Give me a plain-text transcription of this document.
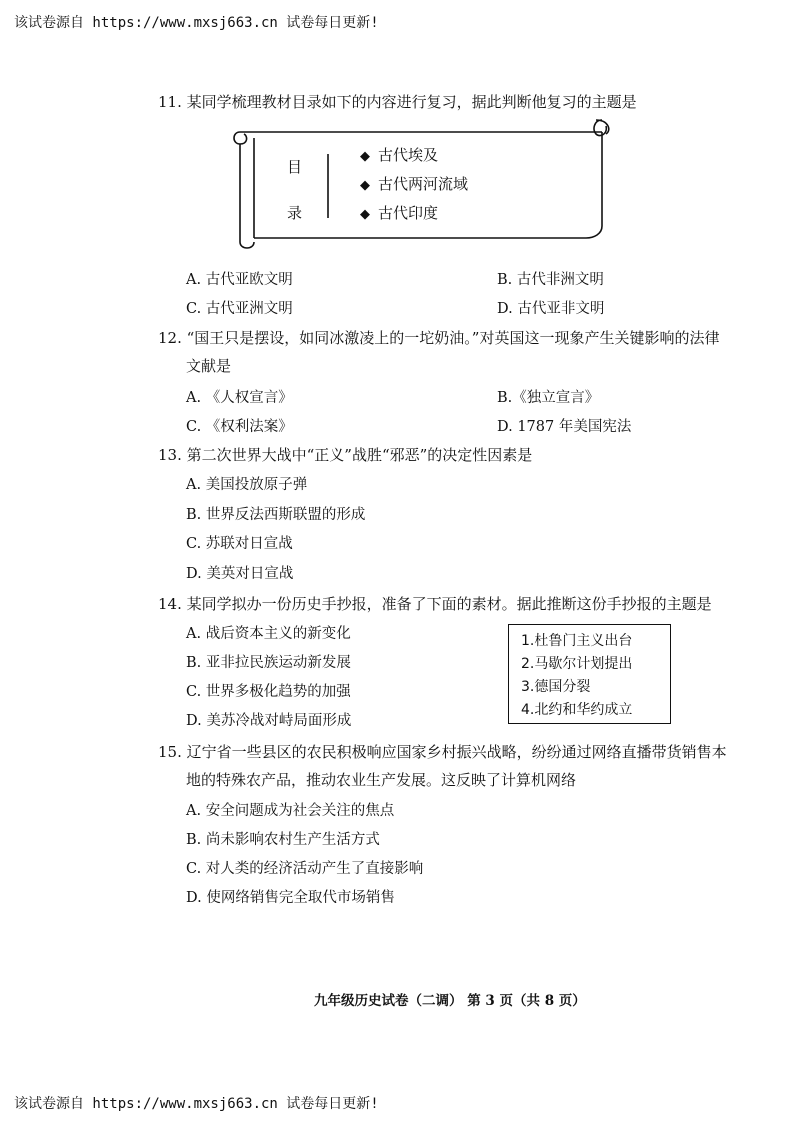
该试卷源自 https://www.mxsj663.cn 试卷每日更新!
11. 某同学梳理教材目录如下的内容进行复习，据此判断他复习的主题是
目
录
◆ 古代埃及
◆ 古代两河流域
◆ 古代印度
A. 古代亚欧文明	B. 古代非洲文明
C. 古代亚洲文明	D. 古代亚非文明
12. “国王只是摆设，如同冰激凌上的一坨奶油。”对英国这一现象产生关键影响的法律
文献是
A. 《人权宣言》	B.《独立宣言》
C. 《权利法案》	D. 1787 年美国宪法
13. 第二次世界大战中“正义”战胜“邪恶”的决定性因素是
A. 美国投放原子弹
B. 世界反法西斯联盟的形成
C. 苏联对日宣战
D. 美英对日宣战
14. 某同学拟办一份历史手抄报，准备了下面的素材。据此推断这份手抄报的主题是
A. 战后资本主义的新变化
B. 亚非拉民族运动新发展
C. 世界多极化趋势的加强
D. 美苏冷战对峙局面形成
1.杜鲁门主义出台
2.马歇尔计划提出
3.德国分裂
4.北约和华约成立
15. 辽宁省一些县区的农民积极响应国家乡村振兴战略，纷纷通过网络直播带货销售本
地的特殊农产品，推动农业生产发展。这反映了计算机网络
A. 安全问题成为社会关注的焦点
B. 尚未影响农村生产生活方式
C. 对人类的经济活动产生了直接影响
D. 使网络销售完全取代市场销售
九年级历史试卷（二调） 第 3 页（共 8 页）
该试卷源自 https://www.mxsj663.cn 试卷每日更新!
